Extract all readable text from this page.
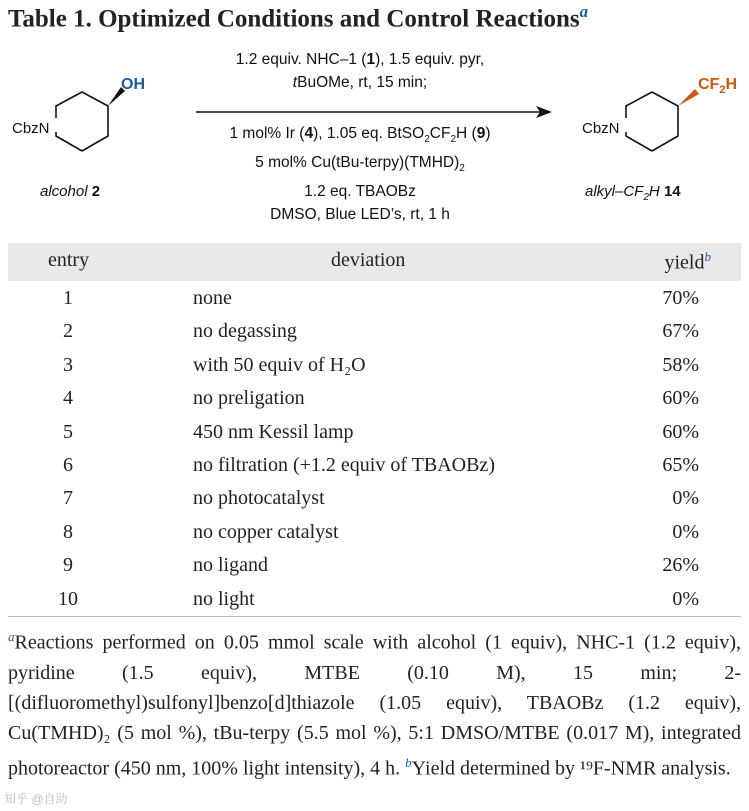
Table 1. Optimized Conditions and Control Reactions$^a$
OH
CbzN
$CF_2H$
CbzN
1.2 equiv. NHC–1 (1), 1.5 equiv. pyr,
tBuOMe, rt, 15 min;
1 mol% Ir (4), 1.05 eq. $BtSO_2CF_2H$ (9)
5 mol% $Cu(tBu-terpy)(TMHD)_2$
1.2 eq. TBAOBz
DMSO, Blue LED’s, rt, 1 h
alcohol 2	alkyl–$CF_2H$ 14
entry	deviation	yield$^b$
1	none	70%
2	no degassing	67%
3	with 50 equiv of H₂O	58%
4	no preligation	60%
5	450 nm Kessil lamp	60%
6	no filtration (+1.2 equiv of TBAOBz)	65%
7	no photocatalyst	0%
8	no copper catalyst	0%
9	no ligand	26%
10	no light	0%
$^a$Reactions performed on 0.05 mmol scale with alcohol (1 equiv), NHC-1 (1.2 equiv), pyridine (1.5 equiv), MTBE (0.10 M), 15 min; 2-[(difluoromethyl)sulfonyl]benzo[d]thiazole (1.05 equiv), TBAOBz (1.2 equiv), Cu(TMHD)₂ (5 mol %), tBu-terpy (5.5 mol %), 5:1 DMSO/MTBE (0.017 M), integrated photoreactor (450 nm, 100% light intensity), 4 h. $^b$Yield determined by ¹⁹F-NMR analysis.
知乎 @自助
